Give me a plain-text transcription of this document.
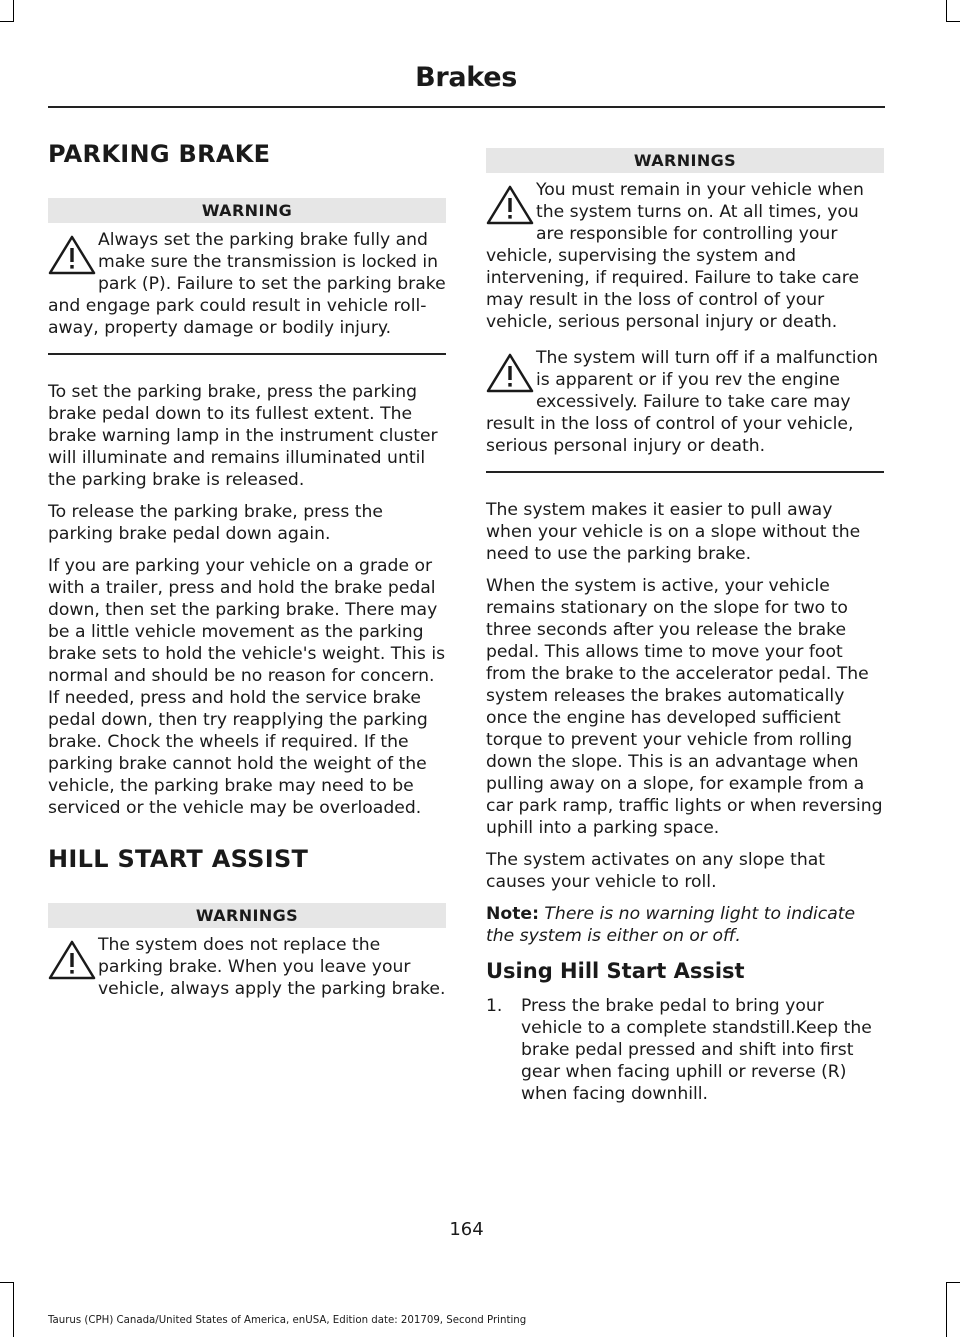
Brakes
PARKING BRAKE
WARNING

Always set the parking brake fully and make sure the transmission is locked in park (P). Failure to set the parking brake and engage park could result in vehicle roll-away, property damage or bodily injury.

To set the parking brake, press the parking brake pedal down to its fullest extent. The brake warning lamp in the instrument cluster will illuminate and remains illuminated until the parking brake is released.

To release the parking brake, press the parking brake pedal down again.

If you are parking your vehicle on a grade or with a trailer, press and hold the brake pedal down, then set the parking brake. There may be a little vehicle movement as the parking brake sets to hold the vehicle's weight. This is normal and should be no reason for concern. If needed, press and hold the service brake pedal down, then try reapplying the parking brake. Chock the wheels if required. If the parking brake cannot hold the weight of the vehicle, the parking brake may need to be serviced or the vehicle may be overloaded.

HILL START ASSIST
WARNINGS

The system does not replace the parking brake. When you leave your vehicle, always apply the parking brake.

WARNINGS

You must remain in your vehicle when the system turns on. At all times, you are responsible for controlling your vehicle, supervising the system and intervening, if required. Failure to take care may result in the loss of control of your vehicle, serious personal injury or death.

The system will turn off if a malfunction is apparent or if you rev the engine excessively. Failure to take care may result in the loss of control of your vehicle, serious personal injury or death.

The system makes it easier to pull away when your vehicle is on a slope without the need to use the parking brake.

When the system is active, your vehicle remains stationary on the slope for two to three seconds after you release the brake pedal. This allows time to move your foot from the brake to the accelerator pedal. The system releases the brakes automatically once the engine has developed sufficient torque to prevent your vehicle from rolling down the slope. This is an advantage when pulling away on a slope, for example from a car park ramp, traffic lights or when reversing uphill into a parking space.

The system activates on any slope that causes your vehicle to roll.

Note: There is no warning light to indicate the system is either on or off.

Using Hill Start Assist
1. Press the brake pedal to bring your vehicle to a complete standstill.Keep the brake pedal pressed and shift into first gear when facing uphill or reverse (R) when facing downhill.
164
Taurus (CPH) Canada/United States of America, enUSA, Edition date: 201709, Second Printing
